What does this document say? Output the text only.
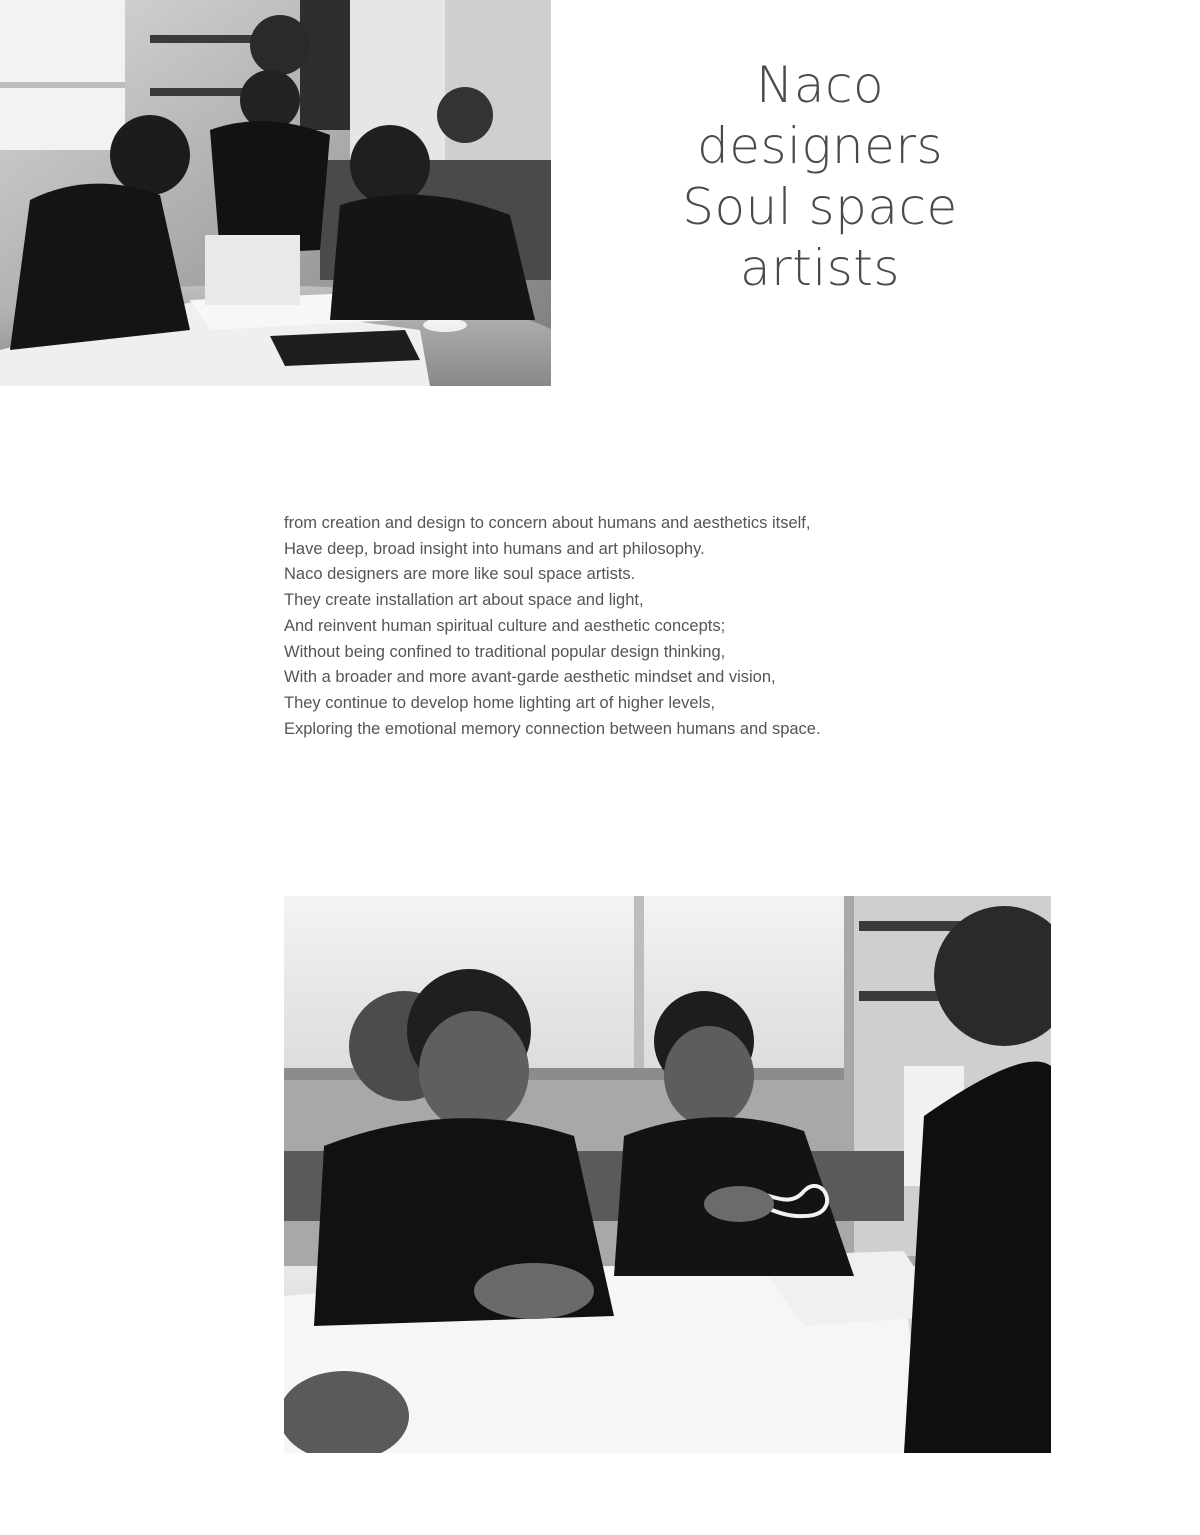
Naco
designers
Soul space
artists
from creation and design to concern about humans and aesthetics itself,
Have deep, broad insight into humans and art philosophy.
Naco designers are more like soul space artists.
They create installation art about space and light,
And reinvent human spiritual culture and aesthetic concepts;
Without being confined to traditional popular design thinking,
With a broader and more avant-garde aesthetic mindset and vision,
They continue to develop home lighting art of higher levels,
Exploring the emotional memory connection between humans and space.
